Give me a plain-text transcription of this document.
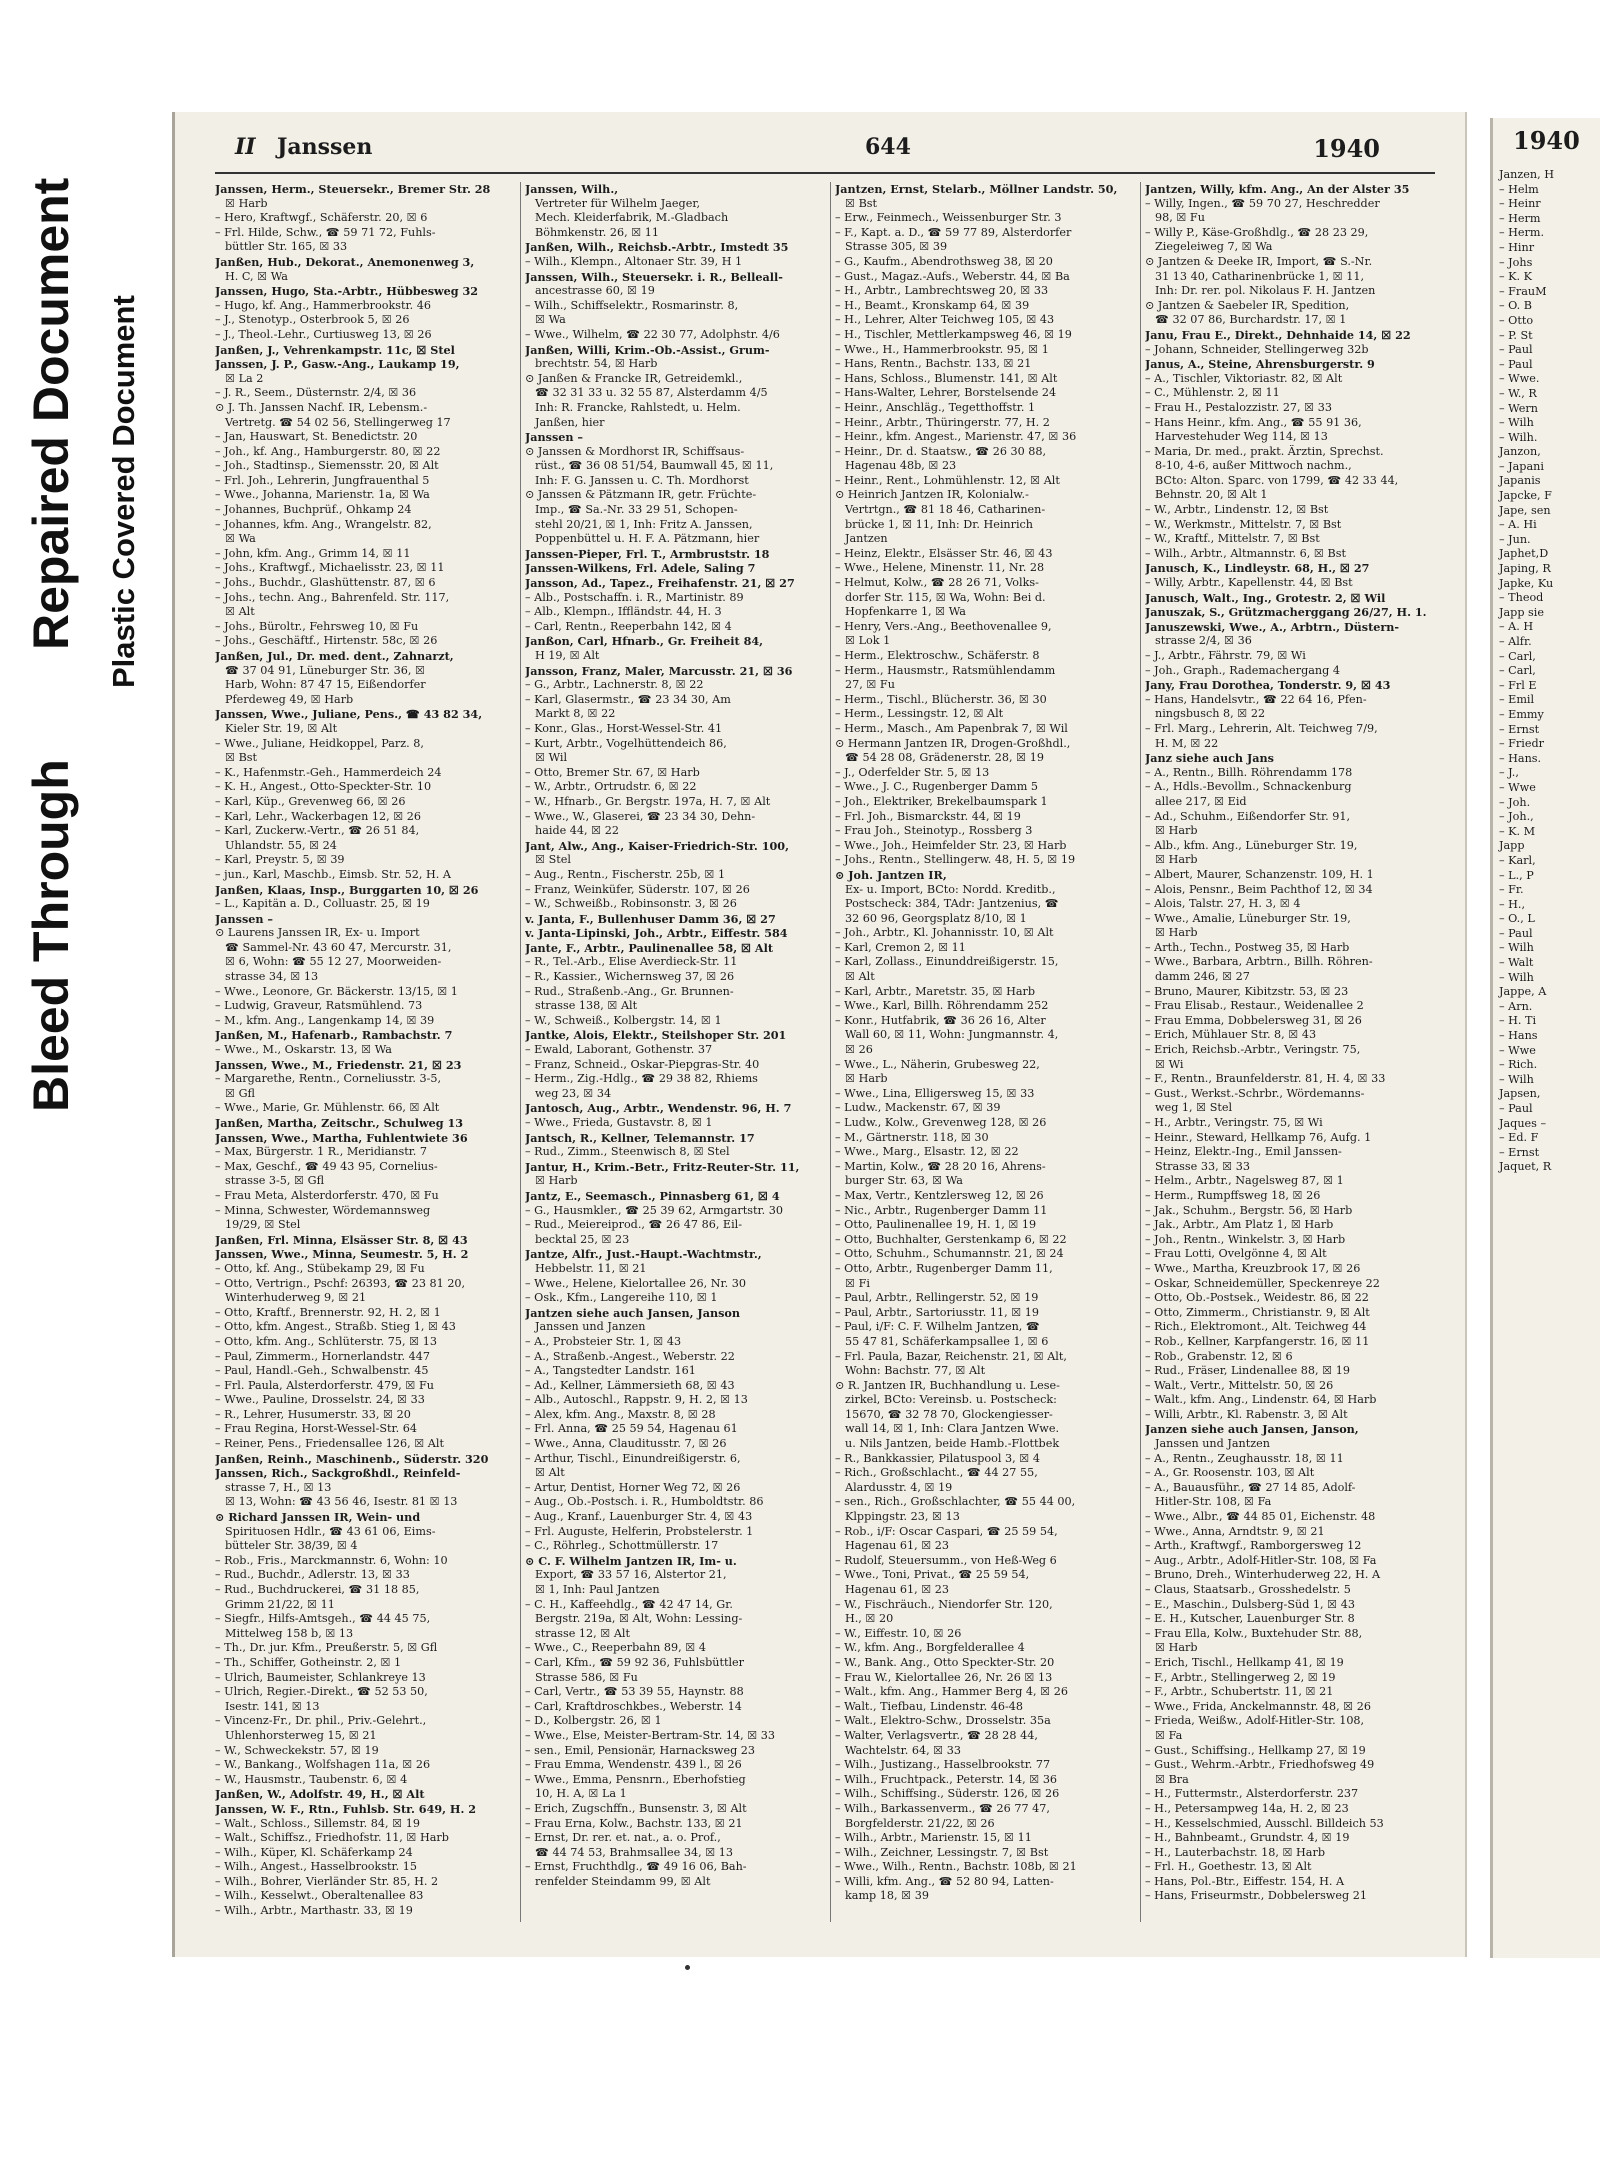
Bleed Through
Repaired Document Plastic Covered Document
II Janssen	644	1940
Janssen, Herm., Steuersekr., Bremer Str. 28
☒ Harb
– Hero, Kraftwgf., Schäferstr. 20, ☒ 6
– Frl. Hilde, Schw., ☎ 59 71 72, Fuhls-
büttler Str. 165, ☒ 33
Janßen, Hub., Dekorat., Anemonenweg 3,
H. C, ☒ Wa
Janssen, Hugo, Sta.-Arbtr., Hübbesweg 32
– Hugo, kf. Ang., Hammerbrookstr. 46
– J., Stenotyp., Osterbrook 5, ☒ 26
– J., Theol.-Lehr., Curtiusweg 13, ☒ 26
Janßen, J., Vehrenkampstr. 11c, ☒ Stel
Janssen, J. P., Gasw.-Ang., Laukamp 19,
☒ La 2
– J. R., Seem., Düsternstr. 2/4, ☒ 36
⊙ J. Th. Janssen Nachf. IR, Lebensm.-
Vertretg. ☎ 54 02 56, Stellingerweg 17
– Jan, Hauswart, St. Benedictstr. 20
– Joh., kf. Ang., Hamburgerstr. 80, ☒ 22
– Joh., Stadtinsp., Siemensstr. 20, ☒ Alt
– Frl. Joh., Lehrerin, Jungfrauenthal 5
– Wwe., Johanna, Marienstr. 1a, ☒ Wa
– Johannes, Buchprüf., Ohkamp 24
– Johannes, kfm. Ang., Wrangelstr. 82,
☒ Wa
– John, kfm. Ang., Grimm 14, ☒ 11
– Johs., Kraftwgf., Michaelisstr. 23, ☒ 11
– Johs., Buchdr., Glashüttenstr. 87, ☒ 6
– Johs., techn. Ang., Bahrenfeld. Str. 117,
☒ Alt
– Johs., Büroltr., Fehrsweg 10, ☒ Fu
– Johs., Geschäftf., Hirtenstr. 58c, ☒ 26
Janßen, Jul., Dr. med. dent., Zahnarzt,
☎ 37 04 91, Lüneburger Str. 36, ☒
Harb, Wohn: 87 47 15, Eißendorfer
Pferdeweg 49, ☒ Harb
Janssen, Wwe., Juliane, Pens., ☎ 43 82 34,
Kieler Str. 19, ☒ Alt
– Wwe., Juliane, Heidkoppel, Parz. 8,
☒ Bst
– K., Hafenmstr.-Geh., Hammerdeich 24
– K. H., Angest., Otto-Speckter-Str. 10
– Karl, Küp., Grevenweg 66, ☒ 26
– Karl, Lehr., Wackerbagen 12, ☒ 26
– Karl, Zuckerw.-Vertr., ☎ 26 51 84,
Uhlandstr. 55, ☒ 24
– Karl, Preystr. 5, ☒ 39
– jun., Karl, Maschb., Eimsb. Str. 52, H. A
Janßen, Klaas, Insp., Burggarten 10, ☒ 26
– L., Kapitän a. D., Colluastr. 25, ☒ 19
Janssen –
⊙ Laurens Janssen IR, Ex- u. Import
☎ Sammel-Nr. 43 60 47, Mercurstr. 31,
☒ 6, Wohn: ☎ 55 12 27, Moorweiden-
strasse 34, ☒ 13
– Wwe., Leonore, Gr. Bäckerstr. 13/15, ☒ 1
– Ludwig, Graveur, Ratsmühlend. 73
– M., kfm. Ang., Langenkamp 14, ☒ 39
Janßen, M., Hafenarb., Rambachstr. 7
– Wwe., M., Oskarstr. 13, ☒ Wa
Janssen, Wwe., M., Friedenstr. 21, ☒ 23
– Margarethe, Rentn., Corneliusstr. 3-5,
☒ Gfl
– Wwe., Marie, Gr. Mühlenstr. 66, ☒ Alt
Janßen, Martha, Zeitschr., Schulweg 13
Janssen, Wwe., Martha, Fuhlentwiete 36
– Max, Bürgerstr. 1 R., Meridianstr. 7
– Max, Geschf., ☎ 49 43 95, Cornelius-
strasse 3-5, ☒ Gfl
– Frau Meta, Alsterdorferstr. 470, ☒ Fu
– Minna, Schwester, Wördemannsweg
19/29, ☒ Stel
Janßen, Frl. Minna, Elsässer Str. 8, ☒ 43
Janssen, Wwe., Minna, Seumestr. 5, H. 2
– Otto, kf. Ang., Stübekamp 29, ☒ Fu
– Otto, Vertrign., Pschf: 26393, ☎ 23 81 20,
Winterhuderweg 9, ☒ 21
– Otto, Kraftf., Brennerstr. 92, H. 2, ☒ 1
– Otto, kfm. Angest., Straßb. Stieg 1, ☒ 43
– Otto, kfm. Ang., Schlüterstr. 75, ☒ 13
– Paul, Zimmerm., Hornerlandstr. 447
– Paul, Handl.-Geh., Schwalbenstr. 45
– Frl. Paula, Alsterdorferstr. 479, ☒ Fu
– Wwe., Pauline, Drosselstr. 24, ☒ 33
– R., Lehrer, Husumerstr. 33, ☒ 20
– Frau Regina, Horst-Wessel-Str. 64
– Reiner, Pens., Friedensallee 126, ☒ Alt
Janßen, Reinh., Maschinenb., Süderstr. 320
Janssen, Rich., Sackgroßhdl., Reinfeld-
strasse 7, H., ☒ 13
☒ 13, Wohn: ☎ 43 56 46, Isestr. 81 ☒ 13
⊙ Richard Janssen IR, Wein- und
Spirituosen Hdlr., ☎ 43 61 06, Eims-
bütteler Str. 38/39, ☒ 4
– Rob., Fris., Marckmannstr. 6, Wohn: 10
– Rud., Buchdr., Adlerstr. 13, ☒ 33
– Rud., Buchdruckerei, ☎ 31 18 85,
Grimm 21/22, ☒ 11
– Siegfr., Hilfs-Amtsgeh., ☎ 44 45 75,
Mittelweg 158 b, ☒ 13
– Th., Dr. jur. Kfm., Preußerstr. 5, ☒ Gfl
– Th., Schiffer, Gotheinstr. 2, ☒ 1
– Ulrich, Baumeister, Schlankreye 13
– Ulrich, Regier.-Direkt., ☎ 52 53 50,
Isestr. 141, ☒ 13
– Vincenz-Fr., Dr. phil., Priv.-Gelehrt.,
Uhlenhorsterweg 15, ☒ 21
– W., Schweckekstr. 57, ☒ 19
– W., Bankang., Wolfshagen 11a, ☒ 26
– W., Hausmstr., Taubenstr. 6, ☒ 4
Janßen, W., Adolfstr. 49, H., ☒ Alt
Janssen, W. F., Rtn., Fuhlsb. Str. 649, H. 2
– Walt., Schloss., Sillemstr. 84, ☒ 19
– Walt., Schiffsz., Friedhofstr. 11, ☒ Harb
– Wilh., Küper, Kl. Schäferkamp 24
– Wilh., Angest., Hasselbrookstr. 15
– Wilh., Bohrer, Vierländer Str. 85, H. 2
– Wilh., Kesselwt., Oberaltenallee 83
– Wilh., Arbtr., Marthastr. 33, ☒ 19
Janssen, Wilh.,
Vertreter für Wilhelm Jaeger,
Mech. Kleiderfabrik, M.-Gladbach
Böhmkenstr. 26, ☒ 11
Janßen, Wilh., Reichsb.-Arbtr., Imstedt 35
– Wilh., Klempn., Altonaer Str. 39, H 1
Janssen, Wilh., Steuersekr. i. R., Belleall-
ancestrasse 60, ☒ 19
– Wilh., Schiffselektr., Rosmarinstr. 8,
☒ Wa
– Wwe., Wilhelm, ☎ 22 30 77, Adolphstr. 4/6
Janßen, Willi, Krim.-Ob.-Assist., Grum-
brechtstr. 54, ☒ Harb
⊙ Janßen & Francke IR, Getreidemkl.,
☎ 32 31 33 u. 32 55 87, Alsterdamm 4/5
Inh: R. Francke, Rahlstedt, u. Helm.
Janßen, hier
Janssen –
⊙ Janssen & Mordhorst IR, Schiffsaus-
rüst., ☎ 36 08 51/54, Baumwall 45, ☒ 11,
Inh: F. G. Janssen u. C. Th. Mordhorst
⊙ Janssen & Pätzmann IR, getr. Früchte-
Imp., ☎ Sa.-Nr. 33 29 51, Schopen-
stehl 20/21, ☒ 1, Inh: Fritz A. Janssen,
Poppenbüttel u. H. F. A. Pätzmann, hier
Janssen-Pieper, Frl. T., Armbruststr. 18
Janssen-Wilkens, Frl. Adele, Saling 7
Jansson, Ad., Tapez., Freihafenstr. 21, ☒ 27
– Alb., Postschaffn. i. R., Martinistr. 89
– Alb., Klempn., Iffländstr. 44, H. 3
– Carl, Rentn., Reeperbahn 142, ☒ 4
Janßon, Carl, Hfnarb., Gr. Freiheit 84,
H 19, ☒ Alt
Jansson, Franz, Maler, Marcusstr. 21, ☒ 36
– G., Arbtr., Lachnerstr. 8, ☒ 22
– Karl, Glasermstr., ☎ 23 34 30, Am
Markt 8, ☒ 22
– Konr., Glas., Horst-Wessel-Str. 41
– Kurt, Arbtr., Vogelhüttendeich 86,
☒ Wil
– Otto, Bremer Str. 67, ☒ Harb
– W., Arbtr., Ortrudstr. 6, ☒ 22
– W., Hfnarb., Gr. Bergstr. 197a, H. 7, ☒ Alt
– Wwe., W., Glaserei, ☎ 23 34 30, Dehn-
haide 44, ☒ 22
Jant, Alw., Ang., Kaiser-Friedrich-Str. 100,
☒ Stel
– Aug., Rentn., Fischerstr. 25b, ☒ 1
– Franz, Weinküfer, Süderstr. 107, ☒ 26
– W., Schweißb., Robinsonstr. 3, ☒ 26
v. Janta, F., Bullenhuser Damm 36, ☒ 27
v. Janta-Lipinski, Joh., Arbtr., Eiffestr. 584
Jante, F., Arbtr., Paulinenallee 58, ☒ Alt
– R., Tel.-Arb., Elise Averdieck-Str. 11
– R., Kassier., Wichernsweg 37, ☒ 26
– Rud., Straßenb.-Ang., Gr. Brunnen-
strasse 138, ☒ Alt
– W., Schweiß., Kolbergstr. 14, ☒ 1
Jantke, Alois, Elektr., Steilshoper Str. 201
– Ewald, Laborant, Gothenstr. 37
– Franz, Schneid., Oskar-Piepgras-Str. 40
– Herm., Zig.-Hdlg., ☎ 29 38 82, Rhiems
weg 23, ☒ 34
Jantosch, Aug., Arbtr., Wendenstr. 96, H. 7
– Wwe., Frieda, Gustavstr. 8, ☒ 1
Jantsch, R., Kellner, Telemannstr. 17
– Rud., Zimm., Steenwisch 8, ☒ Stel
Jantur, H., Krim.-Betr., Fritz-Reuter-Str. 11,
☒ Harb
Jantz, E., Seemasch., Pinnasberg 61, ☒ 4
– G., Hausmkler., ☎ 25 39 62, Armgartstr. 30
– Rud., Meiereiprod., ☎ 26 47 86, Eil-
becktal 25, ☒ 23
Jantze, Alfr., Just.-Haupt.-Wachtmstr.,
Hebbelstr. 11, ☒ 21
– Wwe., Helene, Kielortallee 26, Nr. 30
– Osk., Kfm., Langereihe 110, ☒ 1
Jantzen siehe auch Jansen, Janson
Janssen und Janzen
– A., Probsteier Str. 1, ☒ 43
– A., Straßenb.-Angest., Weberstr. 22
– A., Tangstedter Landstr. 161
– Ad., Kellner, Lämmersieth 68, ☒ 43
– Alb., Autoschl., Rappstr. 9, H. 2, ☒ 13
– Alex, kfm. Ang., Maxstr. 8, ☒ 28
– Frl. Anna, ☎ 25 59 54, Hagenau 61
– Wwe., Anna, Clauditusstr. 7, ☒ 26
– Arthur, Tischl., Einundreißigerstr. 6,
☒ Alt
– Artur, Dentist, Horner Weg 72, ☒ 26
– Aug., Ob.-Postsch. i. R., Humboldtstr. 86
– Aug., Kranf., Lauenburger Str. 4, ☒ 43
– Frl. Auguste, Helferin, Probstelerstr. 1
– C., Röhrleg., Schottmüllerstr. 17
⊙ C. F. Wilhelm Jantzen IR, Im- u.
Export, ☎ 33 57 16, Alstertor 21,
☒ 1, Inh: Paul Jantzen
– C. H., Kaffeehdlg., ☎ 42 47 14, Gr.
Bergstr. 219a, ☒ Alt, Wohn: Lessing-
strasse 12, ☒ Alt
– Wwe., C., Reeperbahn 89, ☒ 4
– Carl, Kfm., ☎ 59 92 36, Fuhlsbüttler
Strasse 586, ☒ Fu
– Carl, Vertr., ☎ 53 39 55, Haynstr. 88
– Carl, Kraftdroschkbes., Weberstr. 14
– D., Kolbergstr. 26, ☒ 1
– Wwe., Else, Meister-Bertram-Str. 14, ☒ 33
– sen., Emil, Pensionär, Harnacksweg 23
– Frau Emma, Wendenstr. 439 l., ☒ 26
– Wwe., Emma, Pensnrn., Eberhofstieg
10, H. A, ☒ La 1
– Erich, Zugschffn., Bunsenstr. 3, ☒ Alt
– Frau Erna, Kolw., Bachstr. 133, ☒ 21
– Ernst, Dr. rer. et. nat., a. o. Prof.,
☎ 44 74 53, Brahmsallee 34, ☒ 13
– Ernst, Fruchthdlg., ☎ 49 16 06, Bah-
renfelder Steindamm 99, ☒ Alt
Jantzen, Ernst, Stelarb., Möllner Landstr. 50,
☒ Bst
– Erw., Feinmech., Weissenburger Str. 3
– F., Kapt. a. D., ☎ 59 77 89, Alsterdorfer
Strasse 305, ☒ 39
– G., Kaufm., Abendrothsweg 38, ☒ 20
– Gust., Magaz.-Aufs., Weberstr. 44, ☒ Ba
– H., Arbtr., Lambrechtsweg 20, ☒ 33
– H., Beamt., Kronskamp 64, ☒ 39
– H., Lehrer, Alter Teichweg 105, ☒ 43
– H., Tischler, Mettlerkampsweg 46, ☒ 19
– Wwe., H., Hammerbrookstr. 95, ☒ 1
– Hans, Rentn., Bachstr. 133, ☒ 21
– Hans, Schloss., Blumenstr. 141, ☒ Alt
– Hans-Walter, Lehrer, Borstelsende 24
– Heinr., Anschläg., Tegetthoffstr. 1
– Heinr., Arbtr., Thüringerstr. 77, H. 2
– Heinr., kfm. Angest., Marienstr. 47, ☒ 36
– Heinr., Dr. d. Staatsw., ☎ 26 30 88,
Hagenau 48b, ☒ 23
– Heinr., Rent., Lohmühlenstr. 12, ☒ Alt
⊙ Heinrich Jantzen IR, Kolonialw.-
Vertrtgn., ☎ 81 18 46, Catharinen-
brücke 1, ☒ 11, Inh: Dr. Heinrich
Jantzen
– Heinz, Elektr., Elsässer Str. 46, ☒ 43
– Wwe., Helene, Minenstr. 11, Nr. 28
– Helmut, Kolw., ☎ 28 26 71, Volks-
dorfer Str. 115, ☒ Wa, Wohn: Bei d.
Hopfenkarre 1, ☒ Wa
– Henry, Vers.-Ang., Beethovenallee 9,
☒ Lok 1
– Herm., Elektroschw., Schäferstr. 8
– Herm., Hausmstr., Ratsmühlendamm
27, ☒ Fu
– Herm., Tischl., Blücherstr. 36, ☒ 30
– Herm., Lessingstr. 12, ☒ Alt
– Herm., Masch., Am Papenbrak 7, ☒ Wil
⊙ Hermann Jantzen IR, Drogen-Großhdl.,
☎ 54 28 08, Grädenerstr. 28, ☒ 19
– J., Oderfelder Str. 5, ☒ 13
– Wwe., J. C., Rugenberger Damm 5
– Joh., Elektriker, Brekelbaumspark 1
– Frl. Joh., Bismarckstr. 44, ☒ 19
– Frau Joh., Steinotyp., Rossberg 3
– Wwe., Joh., Heimfelder Str. 23, ☒ Harb
– Johs., Rentn., Stellingerw. 48, H. 5, ☒ 19
⊙ Joh. Jantzen IR,
Ex- u. Import, BCto: Nordd. Kreditb.,
Postscheck: 384, TAdr: Jantzenius, ☎
32 60 96, Georgsplatz 8/10, ☒ 1
– Joh., Arbtr., Kl. Johannisstr. 10, ☒ Alt
– Karl, Cremon 2, ☒ 11
– Karl, Zollass., Einunddreißigerstr. 15,
☒ Alt
– Karl, Arbtr., Maretstr. 35, ☒ Harb
– Wwe., Karl, Billh. Röhrendamm 252
– Konr., Hutfabrik, ☎ 36 26 16, Alter
Wall 60, ☒ 11, Wohn: Jungmannstr. 4,
☒ 26
– Wwe., L., Näherin, Grubesweg 22,
☒ Harb
– Wwe., Lina, Elligersweg 15, ☒ 33
– Ludw., Mackenstr. 67, ☒ 39
– Ludw., Kolw., Grevenweg 128, ☒ 26
– M., Gärtnerstr. 118, ☒ 30
– Wwe., Marg., Elsastr. 12, ☒ 22
– Martin, Kolw., ☎ 28 20 16, Ahrens-
burger Str. 63, ☒ Wa
– Max, Vertr., Kentzlersweg 12, ☒ 26
– Nic., Arbtr., Rugenberger Damm 11
– Otto, Paulinenallee 19, H. 1, ☒ 19
– Otto, Buchhalter, Gerstenkamp 6, ☒ 22
– Otto, Schuhm., Schumannstr. 21, ☒ 24
– Otto, Arbtr., Rugenberger Damm 11,
☒ Fi
– Paul, Arbtr., Rellingerstr. 52, ☒ 19
– Paul, Arbtr., Sartoriusstr. 11, ☒ 19
– Paul, i/F: C. F. Wilhelm Jantzen, ☎
55 47 81, Schäferkampsallee 1, ☒ 6
– Frl. Paula, Bazar, Reichenstr. 21, ☒ Alt,
Wohn: Bachstr. 77, ☒ Alt
⊙ R. Jantzen IR, Buchhandlung u. Lese-
zirkel, BCto: Vereinsb. u. Postscheck:
15670, ☎ 32 78 70, Glockengiesser-
wall 14, ☒ 1, Inh: Clara Jantzen Wwe.
u. Nils Jantzen, beide Hamb.-Flottbek
– R., Bankkassier, Pilatuspool 3, ☒ 4
– Rich., Großschlacht., ☎ 44 27 55,
Alardusstr. 4, ☒ 19
– sen., Rich., Großschlachter, ☎ 55 44 00,
Klppingstr. 23, ☒ 13
– Rob., i/F: Oscar Caspari, ☎ 25 59 54,
Hagenau 61, ☒ 23
– Rudolf, Steuersumm., von Heß-Weg 6
– Wwe., Toni, Privat., ☎ 25 59 54,
Hagenau 61, ☒ 23
– W., Fischräuch., Niendorfer Str. 120,
H., ☒ 20
– W., Eiffestr. 10, ☒ 26
– W., kfm. Ang., Borgfelderallee 4
– W., Bank. Ang., Otto Speckter-Str. 20
– Frau W., Kielortallee 26, Nr. 26 ☒ 13
– Walt., kfm. Ang., Hammer Berg 4, ☒ 26
– Walt., Tiefbau, Lindenstr. 46-48
– Walt., Elektro-Schw., Drosselstr. 35a
– Walter, Verlagsvertr., ☎ 28 28 44,
Wachtelstr. 64, ☒ 33
– Wilh., Justizang., Hasselbrookstr. 77
– Wilh., Fruchtpack., Peterstr. 14, ☒ 36
– Wilh., Schiffsing., Süderstr. 126, ☒ 26
– Wilh., Barkassenverm., ☎ 26 77 47,
Borgfelderstr. 21/22, ☒ 26
– Wilh., Arbtr., Marienstr. 15, ☒ 11
– Wilh., Zeichner, Lessingstr. 7, ☒ Bst
– Wwe., Wilh., Rentn., Bachstr. 108b, ☒ 21
– Willi, kfm. Ang., ☎ 52 80 94, Latten-
kamp 18, ☒ 39
Jantzen, Willy, kfm. Ang., An der Alster 35
– Willy, Ingen., ☎ 59 70 27, Heschredder
98, ☒ Fu
– Willy P., Käse-Großhdlg., ☎ 28 23 29,
Ziegeleiweg 7, ☒ Wa
⊙ Jantzen & Deeke IR, Import, ☎ S.-Nr.
31 13 40, Catharinenbrücke 1, ☒ 11,
Inh: Dr. rer. pol. Nikolaus F. H. Jantzen
⊙ Jantzen & Saebeler IR, Spedition,
☎ 32 07 86, Burchardstr. 17, ☒ 1
Janu, Frau E., Direkt., Dehnhaide 14, ☒ 22
– Johann, Schneider, Stellingerweg 32b
Janus, A., Steine, Ahrensburgerstr. 9
– A., Tischler, Viktoriastr. 82, ☒ Alt
– C., Mühlenstr. 2, ☒ 11
– Frau H., Pestalozzistr. 27, ☒ 33
– Hans Heinr., kfm. Ang., ☎ 55 91 36,
Harvestehuder Weg 114, ☒ 13
– Maria, Dr. med., prakt. Ärztin, Sprechst.
8-10, 4-6, außer Mittwoch nachm.,
BCto: Alton. Sparc. von 1799, ☎ 42 33 44,
Behnstr. 20, ☒ Alt 1
– W., Arbtr., Lindenstr. 12, ☒ Bst
– W., Werkmstr., Mittelstr. 7, ☒ Bst
– W., Kraftf., Mittelstr. 7, ☒ Bst
– Wilh., Arbtr., Altmannstr. 6, ☒ Bst
Janusch, K., Lindleystr. 68, H., ☒ 27
– Willy, Arbtr., Kapellenstr. 44, ☒ Bst
Janusch, Walt., Ing., Grotestr. 2, ☒ Wil
Januszak, S., Grützmacherggang 26/27, H. 1.
Januszewski, Wwe., A., Arbtrn., Düstern-
strasse 2/4, ☒ 36
– J., Arbtr., Fährstr. 79, ☒ Wi
– Joh., Graph., Rademachergang 4
Jany, Frau Dorothea, Tonderstr. 9, ☒ 43
– Hans, Handelsvtr., ☎ 22 64 16, Pfen-
ningsbusch 8, ☒ 22
– Frl. Marg., Lehrerin, Alt. Teichweg 7/9,
H. M, ☒ 22
Janz siehe auch Jans
– A., Rentn., Billh. Röhrendamm 178
– A., Hdls.-Bevollm., Schnackenburg
allee 217, ☒ Eid
– Ad., Schuhm., Eißendorfer Str. 91,
☒ Harb
– Alb., kfm. Ang., Lüneburger Str. 19,
☒ Harb
– Albert, Maurer, Schanzenstr. 109, H. 1
– Alois, Pensnr., Beim Pachthof 12, ☒ 34
– Alois, Talstr. 27, H. 3, ☒ 4
– Wwe., Amalie, Lüneburger Str. 19,
☒ Harb
– Arth., Techn., Postweg 35, ☒ Harb
– Wwe., Barbara, Arbtrn., Billh. Röhren-
damm 246, ☒ 27
– Bruno, Maurer, Kibitzstr. 53, ☒ 23
– Frau Elisab., Restaur., Weidenallee 2
– Frau Emma, Dobbelersweg 31, ☒ 26
– Erich, Mühlauer Str. 8, ☒ 43
– Erich, Reichsb.-Arbtr., Veringstr. 75,
☒ Wi
– F., Rentn., Braunfelderstr. 81, H. 4, ☒ 33
– Gust., Werkst.-Schrbr., Wördemanns-
weg 1, ☒ Stel
– H., Arbtr., Veringstr. 75, ☒ Wi
– Heinr., Steward, Hellkamp 76, Aufg. 1
– Heinz, Elektr.-Ing., Emil Janssen-
Strasse 33, ☒ 33
– Helm., Arbtr., Nagelsweg 87, ☒ 1
– Herm., Rumpffsweg 18, ☒ 26
– Jak., Schuhm., Bergstr. 56, ☒ Harb
– Jak., Arbtr., Am Platz 1, ☒ Harb
– Joh., Rentn., Winkelstr. 3, ☒ Harb
– Frau Lotti, Ovelgönne 4, ☒ Alt
– Wwe., Martha, Kreuzbrook 17, ☒ 26
– Oskar, Schneidemüller, Speckenreye 22
– Otto, Ob.-Postsek., Weidestr. 86, ☒ 22
– Otto, Zimmerm., Christianstr. 9, ☒ Alt
– Rich., Elektromont., Alt. Teichweg 44
– Rob., Kellner, Karpfangerstr. 16, ☒ 11
– Rob., Grabenstr. 12, ☒ 6
– Rud., Fräser, Lindenallee 88, ☒ 19
– Walt., Vertr., Mittelstr. 50, ☒ 26
– Walt., kfm. Ang., Lindenstr. 64, ☒ Harb
– Willi, Arbtr., Kl. Rabenstr. 3, ☒ Alt
Janzen siehe auch Jansen, Janson,
Janssen und Jantzen
– A., Rentn., Zeughausstr. 18, ☒ 11
– A., Gr. Roosenstr. 103, ☒ Alt
– A., Bauausführ., ☎ 27 14 85, Adolf-
Hitler-Str. 108, ☒ Fa
– Wwe., Albr., ☎ 44 85 01, Eichenstr. 48
– Wwe., Anna, Arndtstr. 9, ☒ 21
– Arth., Kraftwgf., Ramborgersweg 12
– Aug., Arbtr., Adolf-Hitler-Str. 108, ☒ Fa
– Bruno, Dreh., Winterhuderweg 22, H. A
– Claus, Staatsarb., Grosshedelstr. 5
– E., Maschin., Dulsberg-Süd 1, ☒ 43
– E. H., Kutscher, Lauenburger Str. 8
– Frau Ella, Kolw., Buxtehuder Str. 88,
☒ Harb
– Erich, Tischl., Hellkamp 41, ☒ 19
– F., Arbtr., Stellingerweg 2, ☒ 19
– F., Arbtr., Schubertstr. 11, ☒ 21
– Wwe., Frida, Anckelmannstr. 48, ☒ 26
– Frieda, Weißw., Adolf-Hitler-Str. 108,
☒ Fa
– Gust., Schiffsing., Hellkamp 27, ☒ 19
– Gust., Wehrm.-Arbtr., Friedhofsweg 49
☒ Bra
– H., Futtermstr., Alsterdorferstr. 237
– H., Petersampweg 14a, H. 2, ☒ 23
– H., Kesselschmied, Ausschl. Billdeich 53
– H., Bahnbeamt., Grundstr. 4, ☒ 19
– H., Lauterbachstr. 18, ☒ Harb
– Frl. H., Goethestr. 13, ☒ Alt
– Hans, Pol.-Btr., Eiffestr. 154, H. A
– Hans, Friseurmstr., Dobbelersweg 21
1940
Janzen, H
– Helm
– Heinr
– Herm
– Herm.
– Hinr
– Johs
– K. K
– FrauM
– O. B
– Otto
– P. St
– Paul
– Paul
– Wwe.
– W., R
– Wern
– Wilh
– Wilh.
Janzon,
– Japani
Japanis
Japcke, F
Jape, sen
– A. Hi
– Jun.
Japhet,D
Japing, R
Japke, Ku
– Theod
Japp sie
– A. H
– Alfr.
– Carl,
– Carl,
– Frl E
– Emil
– Emmy
– Ernst
– Friedr
– Hans.
– J.,
– Wwe
– Joh.
– Joh.,
– K. M
Japp
– Karl,
– L., P
– Fr.
– H.,
– O., L
– Paul
– Wilh
– Walt
– Wilh
Jappe, A
– Arn.
– H. Ti
– Hans
– Wwe
– Rich.
– Wilh
Japsen,
– Paul
Jaques –
– Ed. F
– Ernst
Jaquet, R
